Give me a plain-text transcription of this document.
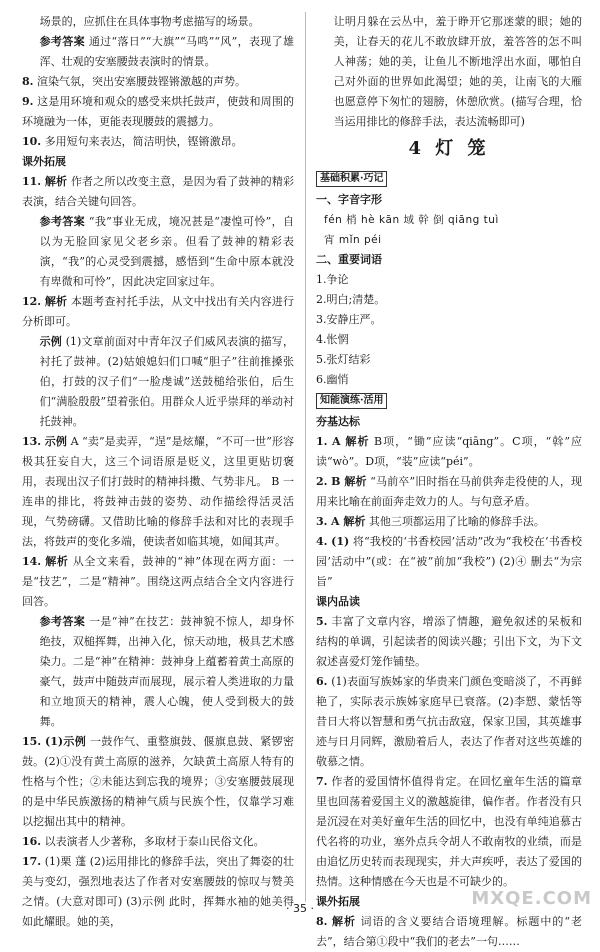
场景的，应抓住在具体事物考虑描写的场景。

参考答案 通过“落日”“大旗”“马鸣”“风”，表现了雄浑、壮观的安塞腰鼓表演时的情景。

8. 渲染气氛，突出安塞腰鼓铿锵激越的声势。

9. 这是用环境和观众的感受来烘托鼓声，使鼓和周围的环境融为一体，更能表现腰鼓的震撼力。

10. 多用短句来表达，简洁明快，铿锵激昂。

课外拓展

11. 解析 作者之所以改变主意，是因为看了鼓神的精彩表演，结合关键句回答。

参考答案 “我”事业无成，境况甚是“凄惶可怜”，自以为无脸回家见父老乡亲。但看了鼓神的精彩表演，“我”的心灵受到震撼，感悟到“生命中原本就没有卑微和可怜”，因此决定回家过年。

12. 解析 本题考查衬托手法，从文中找出有关内容进行分析即可。

示例 (1)文章前面对中青年汉子们威风表演的描写，衬托了鼓神。(2)姑娘媳妇们口喊“胆子”往前推搡张伯，打鼓的汉子们“一脸虔诚”送鼓槌给张伯，后生们“满脸殷殷”望着张伯。用群众人近乎崇拜的举动衬托鼓神。

13. 示例 A “卖”是卖弄，“逞”是炫耀，“不可一世”形容极其狂妄自大，这三个词语原是贬义，这里更贴切褒用，表现出汉子们打鼓时的精神抖擞、气势非凡。 B 一连串的排比，将鼓神击鼓的姿势、动作描绘得活灵活现，气势磅礴。又借助比喻的修辞手法和对比的表现手法，将鼓声的变化多端，使读者如临其境，如闻其声。

14. 解析 从全文来看，鼓神的“神”体现在两方面：一是“技艺”，二是“精神”。围绕这两点结合全文内容进行回答。

参考答案 一是“神”在技艺：鼓神貌不惊人，却身怀绝技，双槌挥舞，出神入化，惊天动地，极具艺术感染力。二是“神”在精神：鼓神身上蕴蓄着黄土高原的豪气，鼓声中随鼓声而展现，展示着人类进取的力量和立地顶天的精神，震人心魄，使人受到极大的鼓舞。

15. (1)示例 一鼓作气、重整旗鼓、偃旗息鼓、紧锣密鼓。(2)①没有黄土高原的滋养，欠缺黄土高原人特有的性格与个性；②未能达到忘我的境界；③安塞腰鼓展现的是中华民族激扬的精神气质与民族个性，仅靠学习难以挖掘出其中的精神。

16. 以表演者人少著称，多取材于泰山民俗文化。

17. (1)栗 蓬 (2)运用排比的修辞手法，突出了舞姿的壮美与变幻，强烈地表达了作者对安塞腰鼓的惊叹与赞美之情。(大意对即可) (3)示例 此时，挥舞水袖的她美得如此耀眼。她的美，

让明月躲在云丛中，羞于睁开它那迷蒙的眼；她的美，让春天的花儿不敢放肆开放，羞答答的怎不叫人神荡；她的美，让鱼儿不断地浮出水面，哪怕自己对外面的世界如此渴望；她的美，让南飞的大雁也愿意停下匆忙的翅膀，休憩欣赏。(描写合理，恰当运用排比的修辞手法，表达流畅即可)

4 灯 笼
基础积累·巧记

一、字音字形

fén 梢 hè kān 域 幹 倒 qiāng tuì

宵 mǐn péi

二、重要词语

1.争论

2.明白;清楚。

3.安静庄严。

4.怅惘

5.张灯结彩

6.幽悄

知能演练·活用

夯基达标

1. A 解析 B项，“锄”应读“qiāng”。C项，“斡”应读“wò”。D项，“装”应读“péi”。

2. B 解析 “马前卒”旧时指在马前供奔走役使的人，现用来比喻在前面奔走效力的人。与句意矛盾。

3. A 解析 其他三项都运用了比喻的修辞手法。

4. (1) 将“我校的‘书香校园’活动”改为“我校在‘书香校园’活动中”(或：在“被”前加“我校”) (2)④ 删去“为宗旨”

课内品读

5. 丰富了文章内容，增添了情趣，避免叙述的呆板和结构的单调，引起读者的阅读兴趣；引出下文，为下文叙述喜爱灯笼作铺垫。

6. (1)表面写族姊家的华贵来门颜色变暗淡了，不再鲜艳了，实际表示族姊家庭早已衰落。(2)李愬、蒙恬等昔日大将以智慧和勇气抗击敌寇，保家卫国，其英雄事迹与日月同辉，激励着后人，表达了作者对这些英雄的敬慕之情。

7. 作者的爱国情怀值得肯定。在回忆童年生活的篇章里也回荡着爱国主义的激越旋律，偏作者。作者没有只是沉浸在对美好童年生活的回忆中，也没有单纯追慕古代名将的功业，塞外点兵令胡人不敢南牧的业绩，而是由追忆历史转而表现现实，并大声疾呼，表达了爱国的热情。这种情感在今天也是不可缺少的。

课外拓展

8. 解析 词语的含义要结合语境理解。标题中的“老去”，结合第①段中“我们的老去”一句……

· 35 ·	MXQE.COM
